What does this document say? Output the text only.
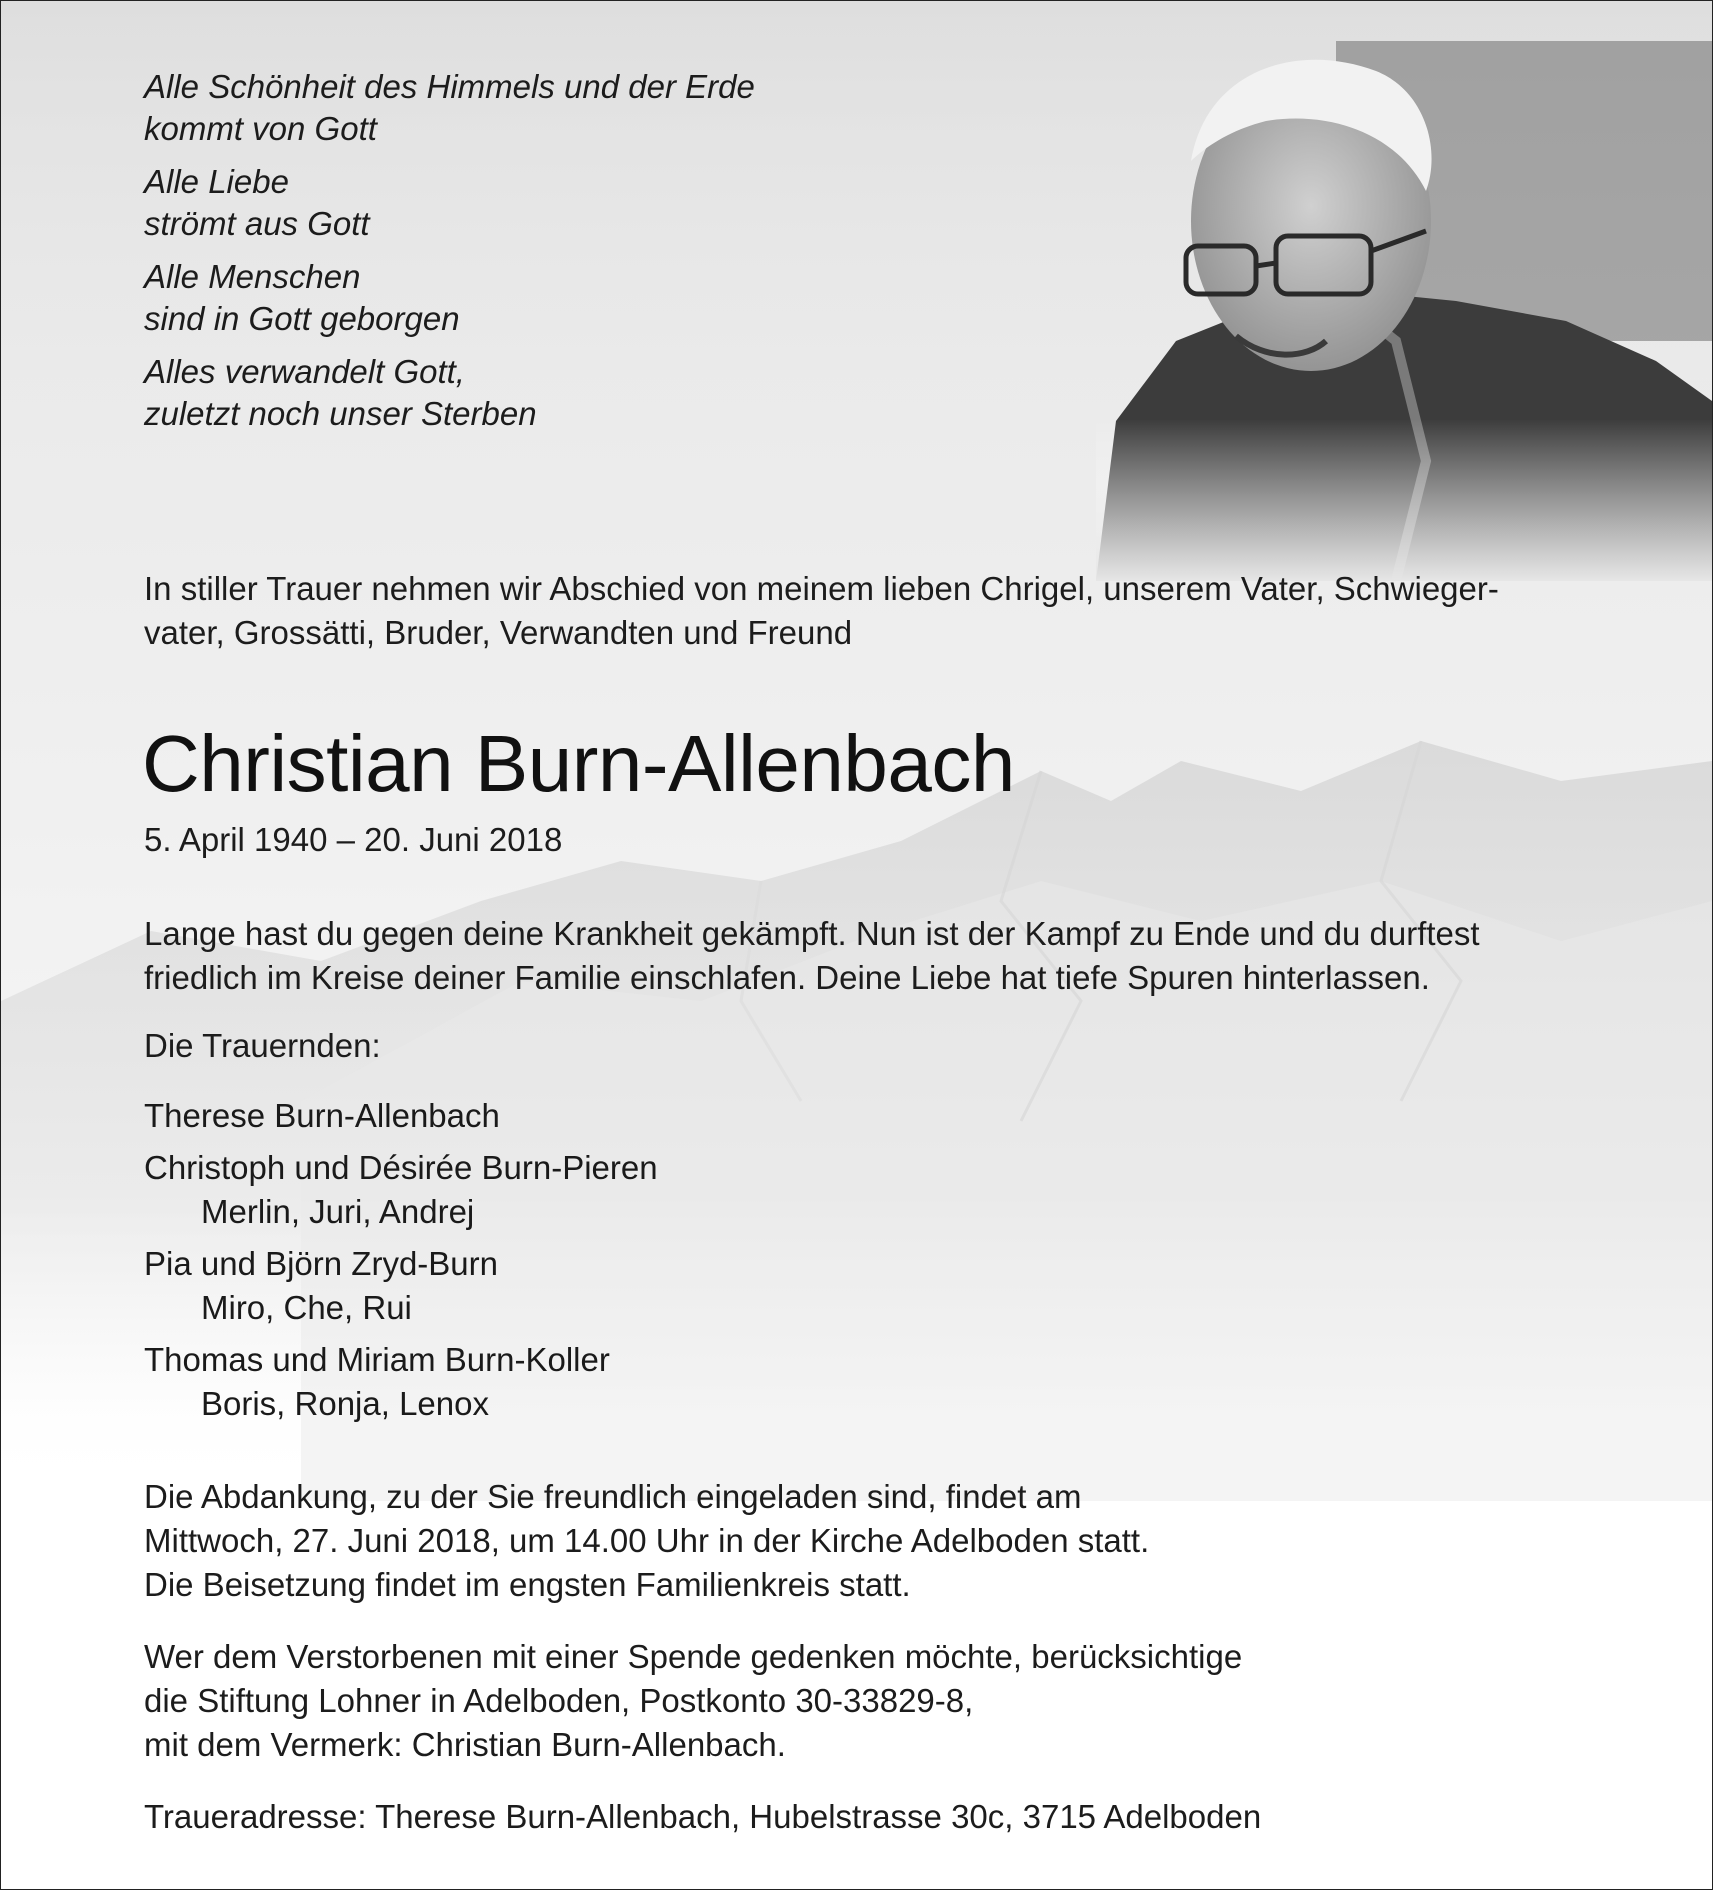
Alle Schönheit des Himmels und der Erde
kommt von Gott
Alle Liebe
strömt aus Gott
Alle Menschen
sind in Gott geborgen
Alles verwandelt Gott,
zuletzt noch unser Sterben
In stiller Trauer nehmen wir Abschied von meinem lieben Chrigel, unserem Vater, Schwieger-
vater, Grossätti, Bruder, Verwandten und Freund
Christian Burn-Allenbach
5. April 1940 – 20. Juni 2018
Lange hast du gegen deine Krankheit gekämpft. Nun ist der Kampf zu Ende und du durftest
friedlich im Kreise deiner Familie einschlafen. Deine Liebe hat tiefe Spuren hinterlassen.
Die Trauernden:
Therese Burn-Allenbach
Christoph und Désirée Burn-Pieren
Merlin, Juri, Andrej
Pia und Björn Zryd-Burn
Miro, Che, Rui
Thomas und Miriam Burn-Koller
Boris, Ronja, Lenox
Die Abdankung, zu der Sie freundlich eingeladen sind, findet am
Mittwoch, 27. Juni 2018, um 14.00 Uhr in der Kirche Adelboden statt.
Die Beisetzung findet im engsten Familienkreis statt.
Wer dem Verstorbenen mit einer Spende gedenken möchte, berücksichtige
die Stiftung Lohner in Adelboden, Postkonto 30-33829-8,
mit dem Vermerk: Christian Burn-Allenbach.
Traueradresse: Therese Burn-Allenbach, Hubelstrasse 30c, 3715 Adelboden
